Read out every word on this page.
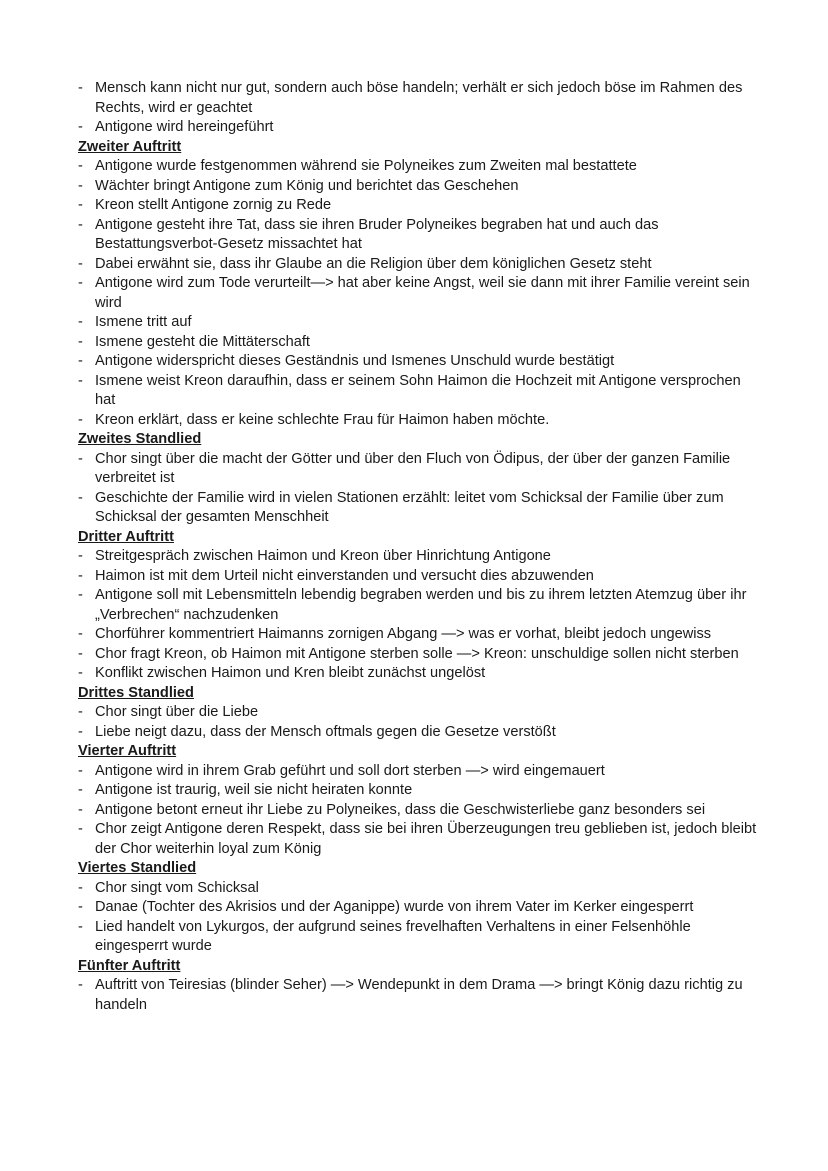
- Mensch kann nicht nur gut, sondern auch böse handeln; verhält er sich jedoch böse im Rahmen des Rechts, wird er geachtet
- Antigone wird hereingeführt
Zweiter Auftritt
- Antigone wurde festgenommen während sie Polyneikes zum Zweiten mal bestattete
- Wächter bringt Antigone zum König und berichtet das Geschehen
- Kreon stellt Antigone zornig zu Rede
- Antigone gesteht ihre Tat, dass sie ihren Bruder Polyneikes begraben hat und auch das Bestattungsverbot-Gesetz missachtet hat
- Dabei erwähnt sie, dass ihr Glaube an die Religion über dem königlichen Gesetz steht
- Antigone wird zum Tode verurteilt—> hat aber keine Angst, weil sie dann mit ihrer Familie vereint sein wird
- Ismene tritt auf
- Ismene gesteht die Mittäterschaft
- Antigone widerspricht dieses Geständnis und Ismenes Unschuld wurde bestätigt
- Ismene weist Kreon daraufhin, dass er seinem Sohn Haimon die Hochzeit mit Antigone versprochen hat
- Kreon erklärt, dass er keine schlechte Frau für Haimon haben möchte.
Zweites Standlied
- Chor singt über die macht der Götter und über den Fluch von Ödipus, der über der ganzen Familie verbreitet ist
- Geschichte der Familie wird in vielen Stationen erzählt: leitet vom Schicksal der Familie über zum Schicksal der gesamten Menschheit
Dritter Auftritt
- Streitgespräch zwischen Haimon und Kreon über Hinrichtung Antigone
- Haimon ist mit dem Urteil nicht einverstanden und versucht dies abzuwenden
- Antigone soll mit Lebensmitteln lebendig begraben werden und bis zu ihrem letzten Atemzug über ihr „Verbrechen“ nachzudenken
- Chorführer kommentriert Haimanns zornigen Abgang —> was er vorhat, bleibt jedoch ungewiss
- Chor fragt Kreon, ob Haimon mit Antigone sterben solle —> Kreon: unschuldige sollen nicht sterben
- Konflikt zwischen Haimon und Kren bleibt zunächst ungelöst
Drittes Standlied
- Chor singt über die Liebe
- Liebe neigt dazu, dass der Mensch oftmals gegen die Gesetze verstößt
Vierter Auftritt
- Antigone wird in ihrem Grab geführt und soll dort sterben —> wird eingemauert
- Antigone ist traurig, weil sie nicht heiraten konnte
- Antigone betont erneut ihr Liebe zu Polyneikes, dass die Geschwisterliebe ganz besonders sei
- Chor zeigt Antigone deren Respekt, dass sie bei ihren Überzeugungen treu geblieben ist, jedoch bleibt der Chor weiterhin loyal zum König
Viertes Standlied
- Chor singt vom Schicksal
- Danae (Tochter des Akrisios und der Aganippe) wurde von ihrem Vater im Kerker eingesperrt
- Lied handelt von Lykurgos, der aufgrund seines frevelhaften Verhaltens in einer Felsenhöhle eingesperrt wurde
Fünfter Auftritt
- Auftritt von Teiresias (blinder Seher) —> Wendepunkt in dem Drama —> bringt König dazu richtig zu handeln
